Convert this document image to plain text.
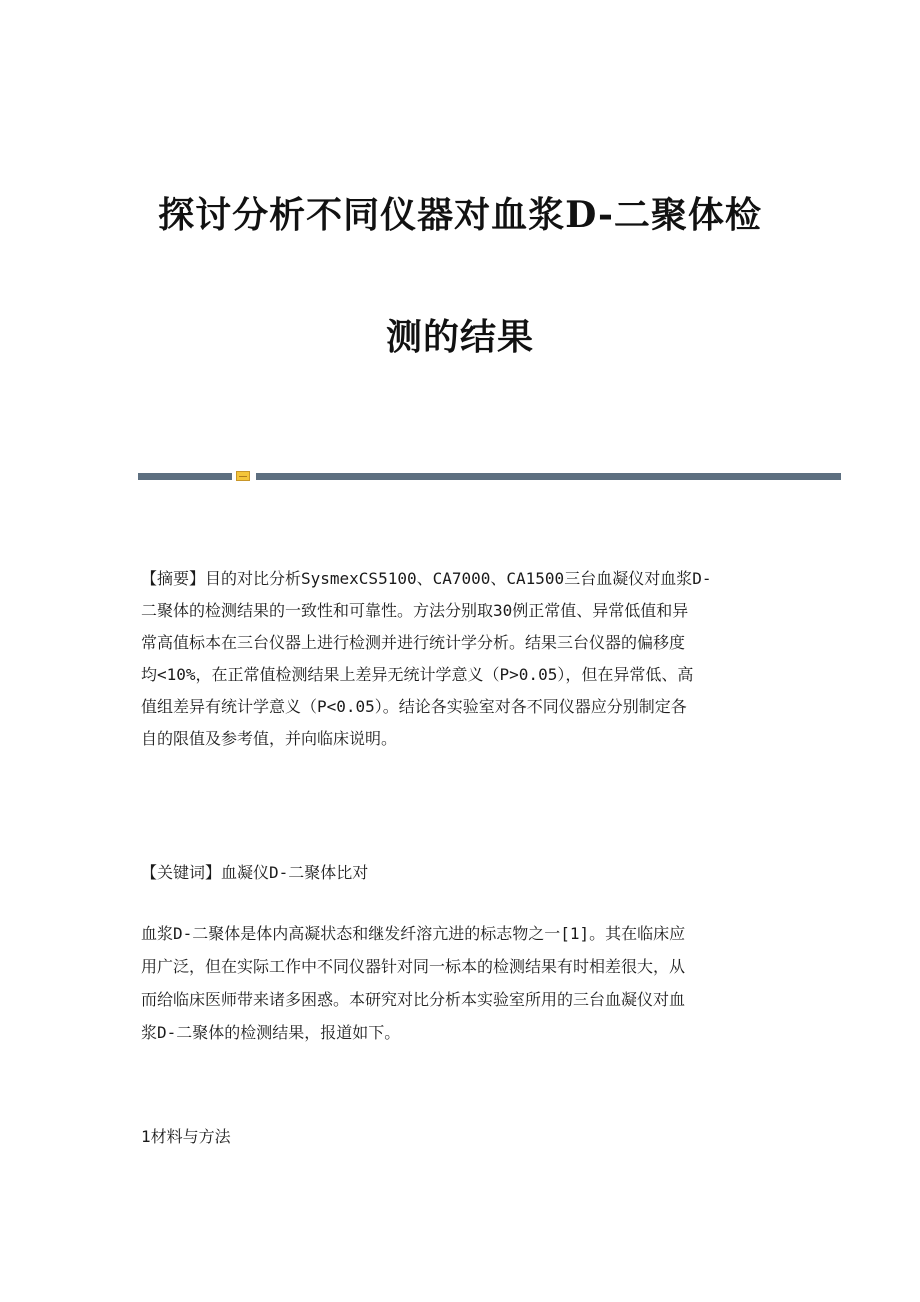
探讨分析不同仪器对血浆D-二聚体检
测的结果
【摘要】目的对比分析SysmexCS5100、CA7000、CA1500三台血凝仪对血浆D-
二聚体的检测结果的一致性和可靠性。方法分别取30例正常值、异常低值和异
常高值标本在三台仪器上进行检测并进行统计学分析。结果三台仪器的偏移度
均<10%，在正常值检测结果上差异无统计学意义（P>0.05），但在异常低、高
值组差异有统计学意义（P<0.05）。结论各实验室对各不同仪器应分别制定各
自的限值及参考值，并向临床说明。
【关键词】血凝仪D-二聚体比对
血浆D-二聚体是体内高凝状态和继发纤溶亢进的标志物之一[1]。其在临床应
用广泛，但在实际工作中不同仪器针对同一标本的检测结果有时相差很大，从
而给临床医师带来诸多困惑。本研究对比分析本实验室所用的三台血凝仪对血
浆D-二聚体的检测结果，报道如下。
1材料与方法
